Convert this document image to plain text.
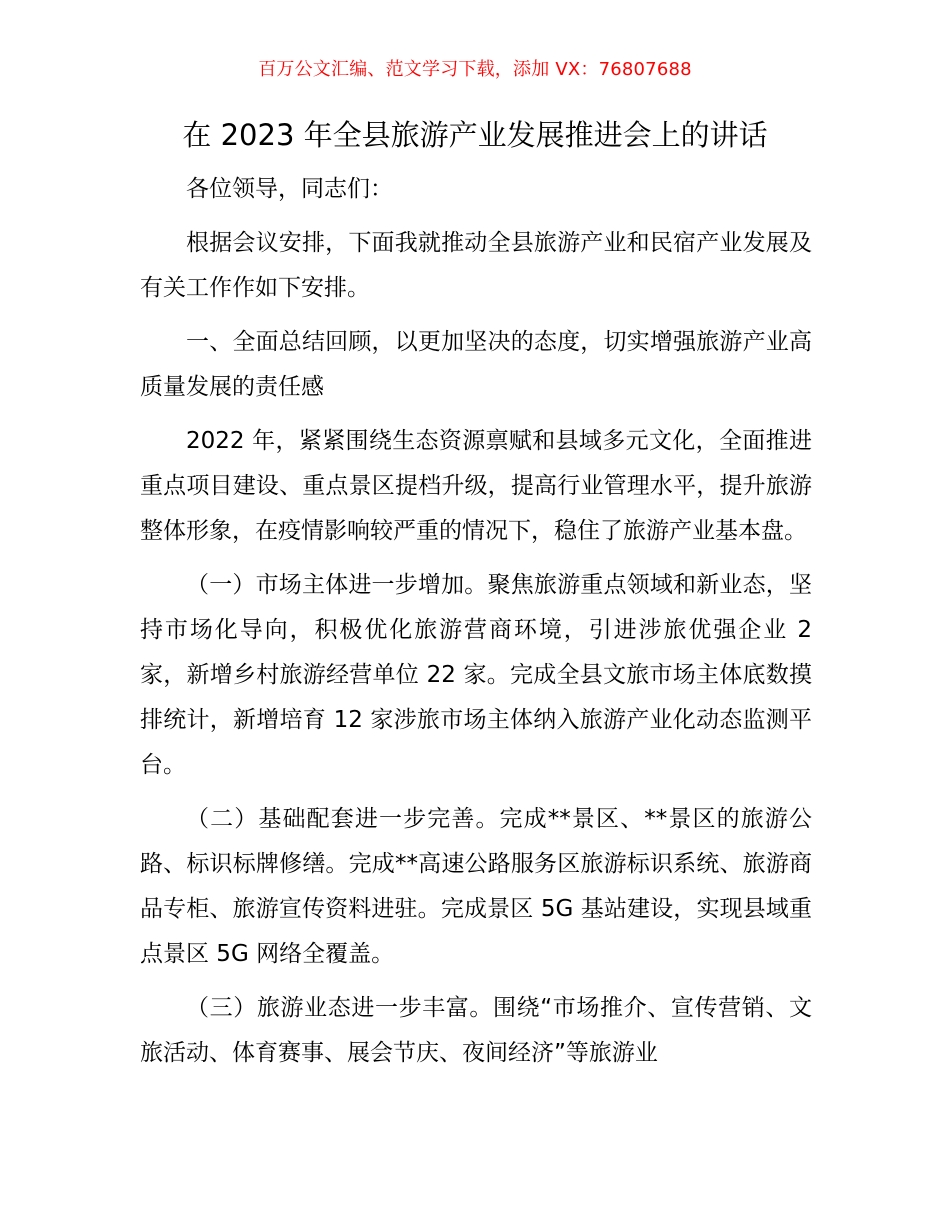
百万公文汇编、范文学习下载，添加 VX：76807688
在 2023 年全县旅游产业发展推进会上的讲话

各位领导，同志们：

根据会议安排，下面我就推动全县旅游产业和民宿产业发展及有关工作作如下安排。

一、全面总结回顾，以更加坚决的态度，切实增强旅游产业高质量发展的责任感

2022 年，紧紧围绕生态资源禀赋和县域多元文化，全面推进重点项目建设、重点景区提档升级，提高行业管理水平，提升旅游整体形象，在疫情影响较严重的情况下，稳住了旅游产业基本盘。

（一）市场主体进一步增加。聚焦旅游重点领域和新业态，坚持市场化导向，积极优化旅游营商环境，引进涉旅优强企业 2 家，新增乡村旅游经营单位 22 家。完成全县文旅市场主体底数摸排统计，新增培育 12 家涉旅市场主体纳入旅游产业化动态监测平台。

（二）基础配套进一步完善。完成**景区、**景区的旅游公路、标识标牌修缮。完成**高速公路服务区旅游标识系统、旅游商品专柜、旅游宣传资料进驻。完成景区 5G 基站建设，实现县域重点景区 5G 网络全覆盖。

（三）旅游业态进一步丰富。围绕“市场推介、宣传营销、文旅活动、体育赛事、展会节庆、夜间经济”等旅游业
